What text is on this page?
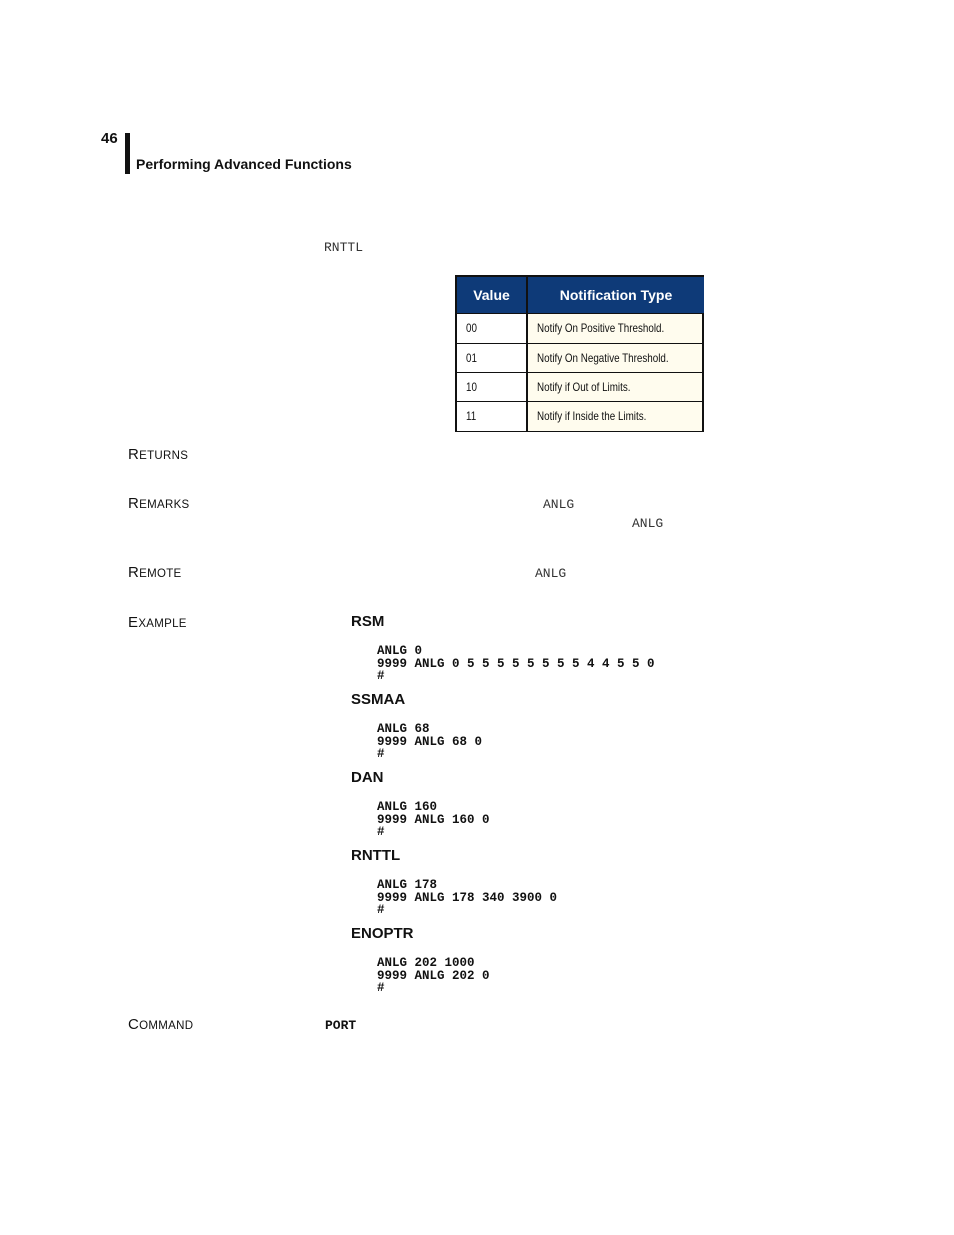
46
Performing Advanced Functions
RNTTL
Value	Notification Type
00	Notify On Positive Threshold.
01	Notify On Negative Threshold.
10	Notify if Out of Limits.
11	Notify if Inside the Limits.
RETURNS
REMARKS	ANLG
ANLG
REMOTE	ANLG
EXAMPLE	RSM
ANLG 0
9999 ANLG 0 5 5 5 5 5 5 5 5 4 4 5 5 0
#
SSMAA
ANLG 68
9999 ANLG 68 0
#
DAN
ANLG 160
9999 ANLG 160 0
#
RNTTL
ANLG 178
9999 ANLG 178 340 3900 0
#
ENOPTR
ANLG 202 1000
9999 ANLG 202 0
#
COMMAND	PORT
